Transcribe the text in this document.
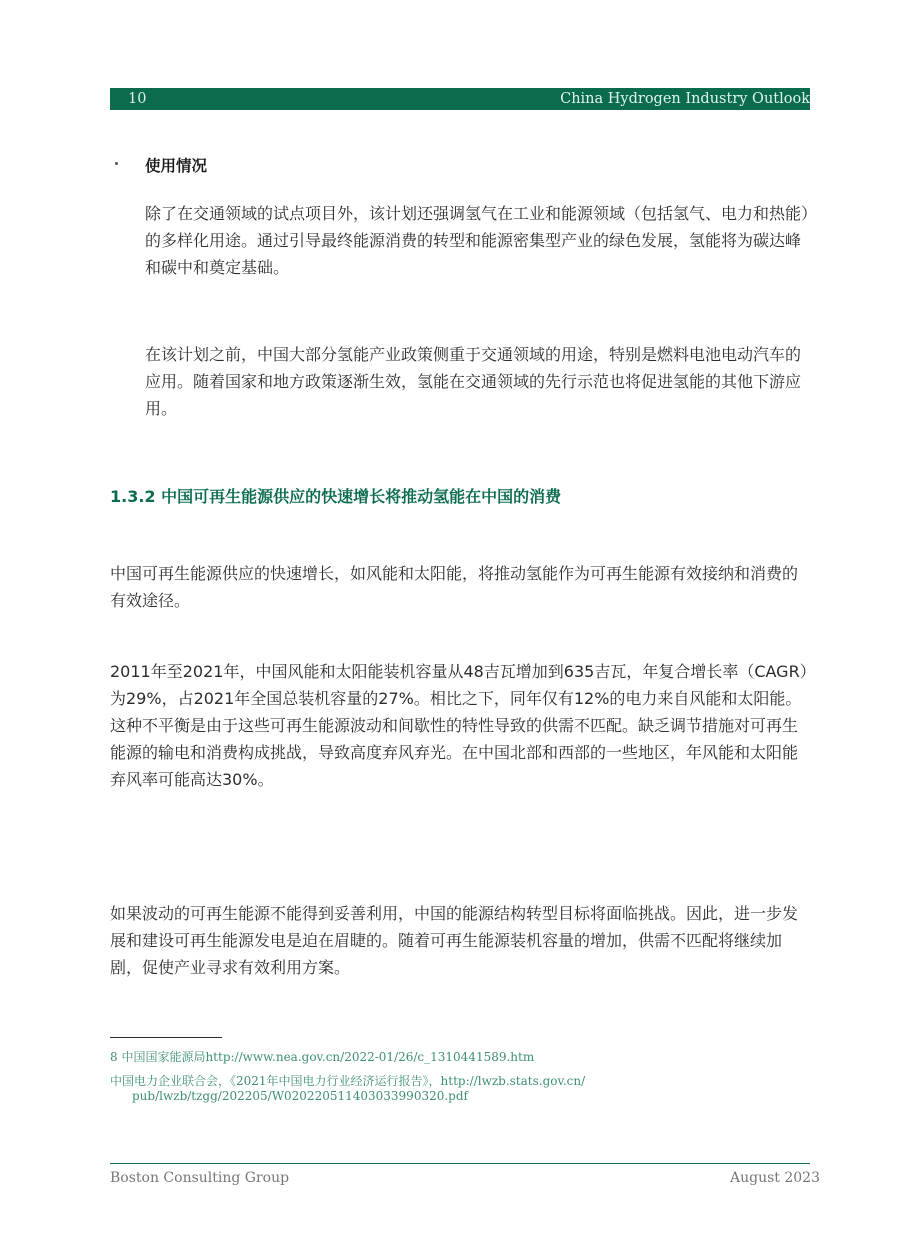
10	China Hydrogen Industry Outlook
使用情况

除了在交通领域的试点项目外，该计划还强调氢气在工业和能源领域（包括氢气、电力和热能）的多样化用途。通过引导最终能源消费的转型和能源密集型产业的绿色发展，氢能将为碳达峰和碳中和奠定基础。

在该计划之前，中国大部分氢能产业政策侧重于交通领域的用途，特别是燃料电池电动汽车的应用。随着国家和地方政策逐渐生效，氢能在交通领域的先行示范也将促进氢能的其他下游应用。

1.3.2 中国可再生能源供应的快速增长将推动氢能在中国的消费

中国可再生能源供应的快速增长，如风能和太阳能，将推动氢能作为可再生能源有效接纳和消费的有效途径。

2011年至2021年，中国风能和太阳能装机容量从48吉瓦增加到635吉瓦，年复合增长率（CAGR）为29%，占2021年全国总装机容量的27%。相比之下，同年仅有12%的电力来自风能和太阳能。这种不平衡是由于这些可再生能源波动和间歇性的特性导致的供需不匹配。缺乏调节措施对可再生能源的输电和消费构成挑战，导致高度弃风弃光。在中国北部和西部的一些地区，年风能和太阳能弃风率可能高达30%。

如果波动的可再生能源不能得到妥善利用，中国的能源结构转型目标将面临挑战。因此，进一步发展和建设可再生能源发电是迫在眉睫的。随着可再生能源装机容量的增加，供需不匹配将继续加剧，促使产业寻求有效利用方案。

8 中国国家能源局http://www.nea.gov.cn/2022-01/26/c_1310441589.htm
中国电力企业联合会，《2021年中国电力行业经济运行报告》，http://lwzb.stats.gov.cn/
pub/lwzb/tzgg/202205/W020220511403033990320.pdf
Boston Consulting Group	August 2023
